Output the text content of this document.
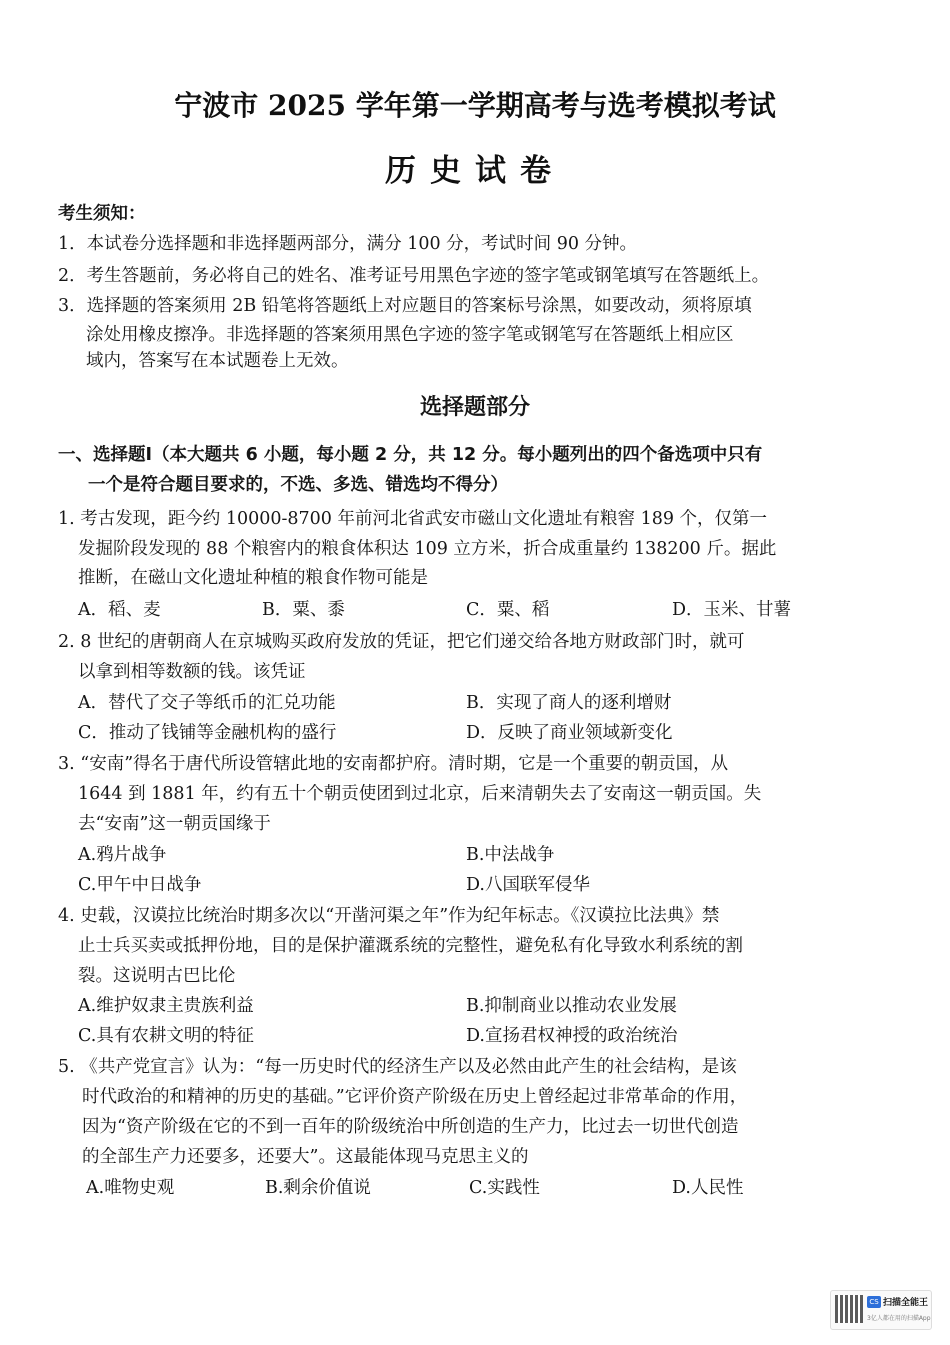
宁波市 2025 学年第一学期高考与选考模拟考试
历史试卷
考生须知：
1．本试卷分选择题和非选择题两部分，满分 100 分，考试时间 90 分钟。
2．考生答题前，务必将自己的姓名、准考证号用黑色字迹的签字笔或钢笔填写在答题纸上。
3．选择题的答案须用 2B 铅笔将答题纸上对应题目的答案标号涂黑，如要改动，须将原填
涂处用橡皮擦净。非选择题的答案须用黑色字迹的签字笔或钢笔写在答题纸上相应区
域内，答案写在本试题卷上无效。
选择题部分
一、选择题Ⅰ（本大题共 6 小题，每小题 2 分，共 12 分。每小题列出的四个备选项中只有
一个是符合题目要求的，不选、多选、错选均不得分）
1. 考古发现，距今约 10000-8700 年前河北省武安市磁山文化遗址有粮窖 189 个，仅第一
发掘阶段发现的 88 个粮窖内的粮食体积达 109 立方米，折合成重量约 138200 斤。据此
推断，在磁山文化遗址种植的粮食作物可能是
A．稻、麦	B．粟、黍	C．粟、稻	D．玉米、甘薯
2. 8 世纪的唐朝商人在京城购买政府发放的凭证，把它们递交给各地方财政部门时，就可
以拿到相等数额的钱。该凭证
A．替代了交子等纸币的汇兑功能	B．实现了商人的逐利增财
C．推动了钱铺等金融机构的盛行	D．反映了商业领域新变化
3. “安南”得名于唐代所设管辖此地的安南都护府。清时期，它是一个重要的朝贡国，从
1644 到 1881 年，约有五十个朝贡使团到过北京，后来清朝失去了安南这一朝贡国。失
去“安南”这一朝贡国缘于
A.鸦片战争	B.中法战争
C.甲午中日战争	D.八国联军侵华
4. 史载，汉谟拉比统治时期多次以“开凿河渠之年”作为纪年标志。《汉谟拉比法典》禁
止士兵买卖或抵押份地，目的是保护灌溉系统的完整性，避免私有化导致水利系统的割
裂。这说明古巴比伦
A.维护奴隶主贵族利益	B.抑制商业以推动农业发展
C.具有农耕文明的特征	D.宣扬君权神授的政治统治
5. 《共产党宣言》认为：“每一历史时代的经济生产以及必然由此产生的社会结构，是该
时代政治的和精神的历史的基础。”它评价资产阶级在历史上曾经起过非常革命的作用，
因为“资产阶级在它的不到一百年的阶级统治中所创造的生产力，比过去一切世代创造
的全部生产力还要多，还要大”。这最能体现马克思主义的
A.唯物史观	B.剩余价值说	C.实践性	D.人民性
CS 扫描全能王
3亿人都在用的扫描App
